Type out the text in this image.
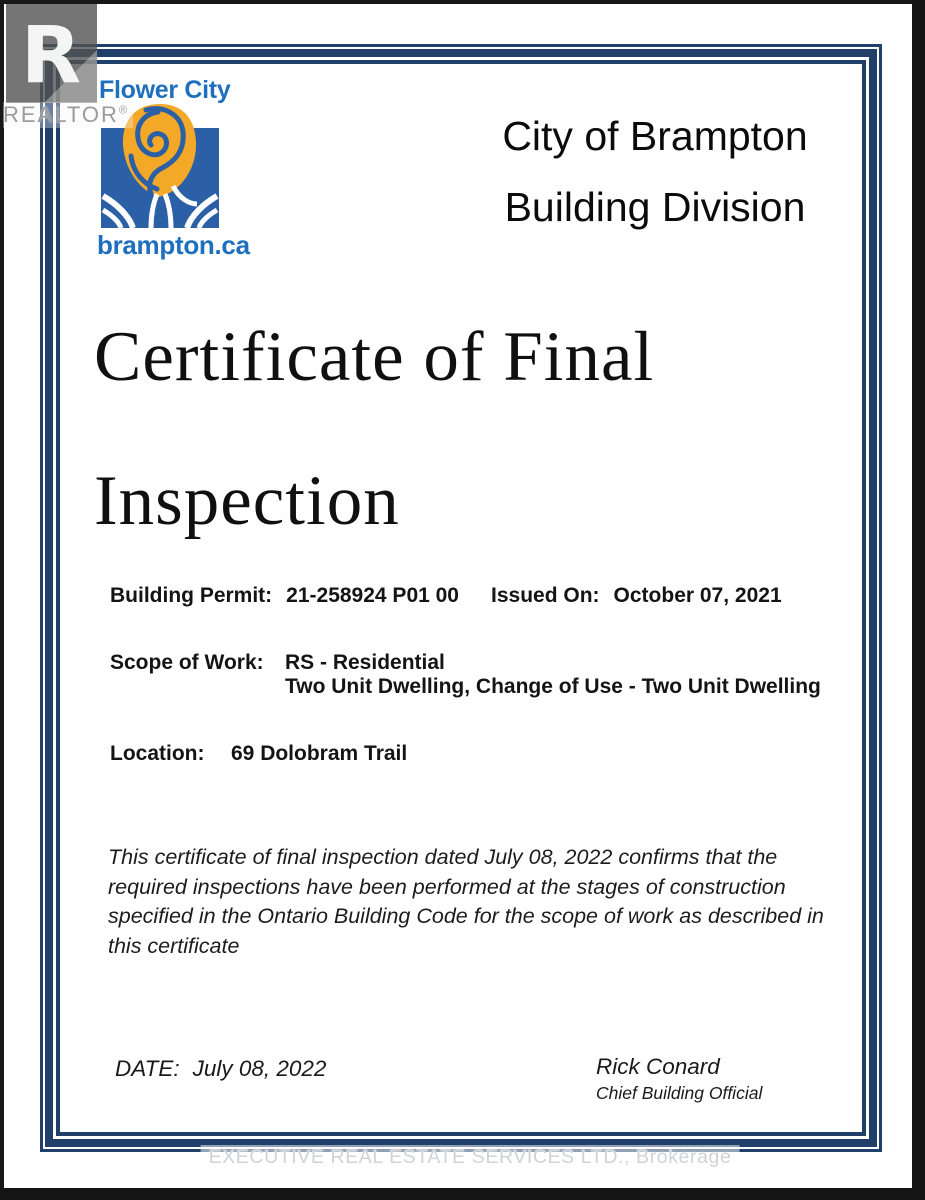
Flower City
brampton.ca
City of Brampton
Building Division
Certificate of Final
Inspection
Building Permit: 21-258924 P01 00 Issued On: October 07, 2021
Scope of Work: RS - Residential
Two Unit Dwelling, Change of Use - Two Unit Dwelling
Location: 69 Dolobram Trail
This certificate of final inspection dated July 08, 2022 confirms that the
required inspections have been performed at the stages of construction
specified in the Ontario Building Code for the scope of work as described in
this certificate
DATE: July 08, 2022	Rick Conard
Chief Building Official
R
REALTOR®
EXECUTIVE REAL ESTATE SERVICES LTD., Brokerage
